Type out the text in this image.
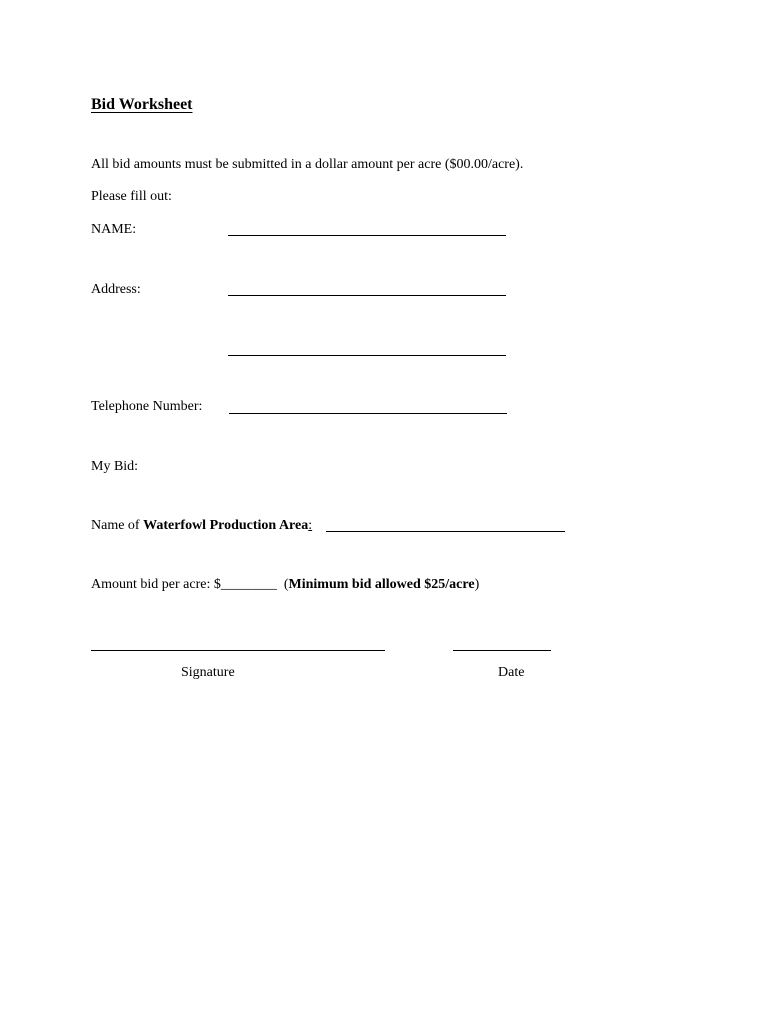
Bid Worksheet
All bid amounts must be submitted in a dollar amount per acre ($00.00/acre).
Please fill out:
NAME:
Address:
Telephone Number:
My Bid:
Name of Waterfowl Production Area:
Amount bid per acre: $________ (Minimum bid allowed $25/acre)
Signature	Date
